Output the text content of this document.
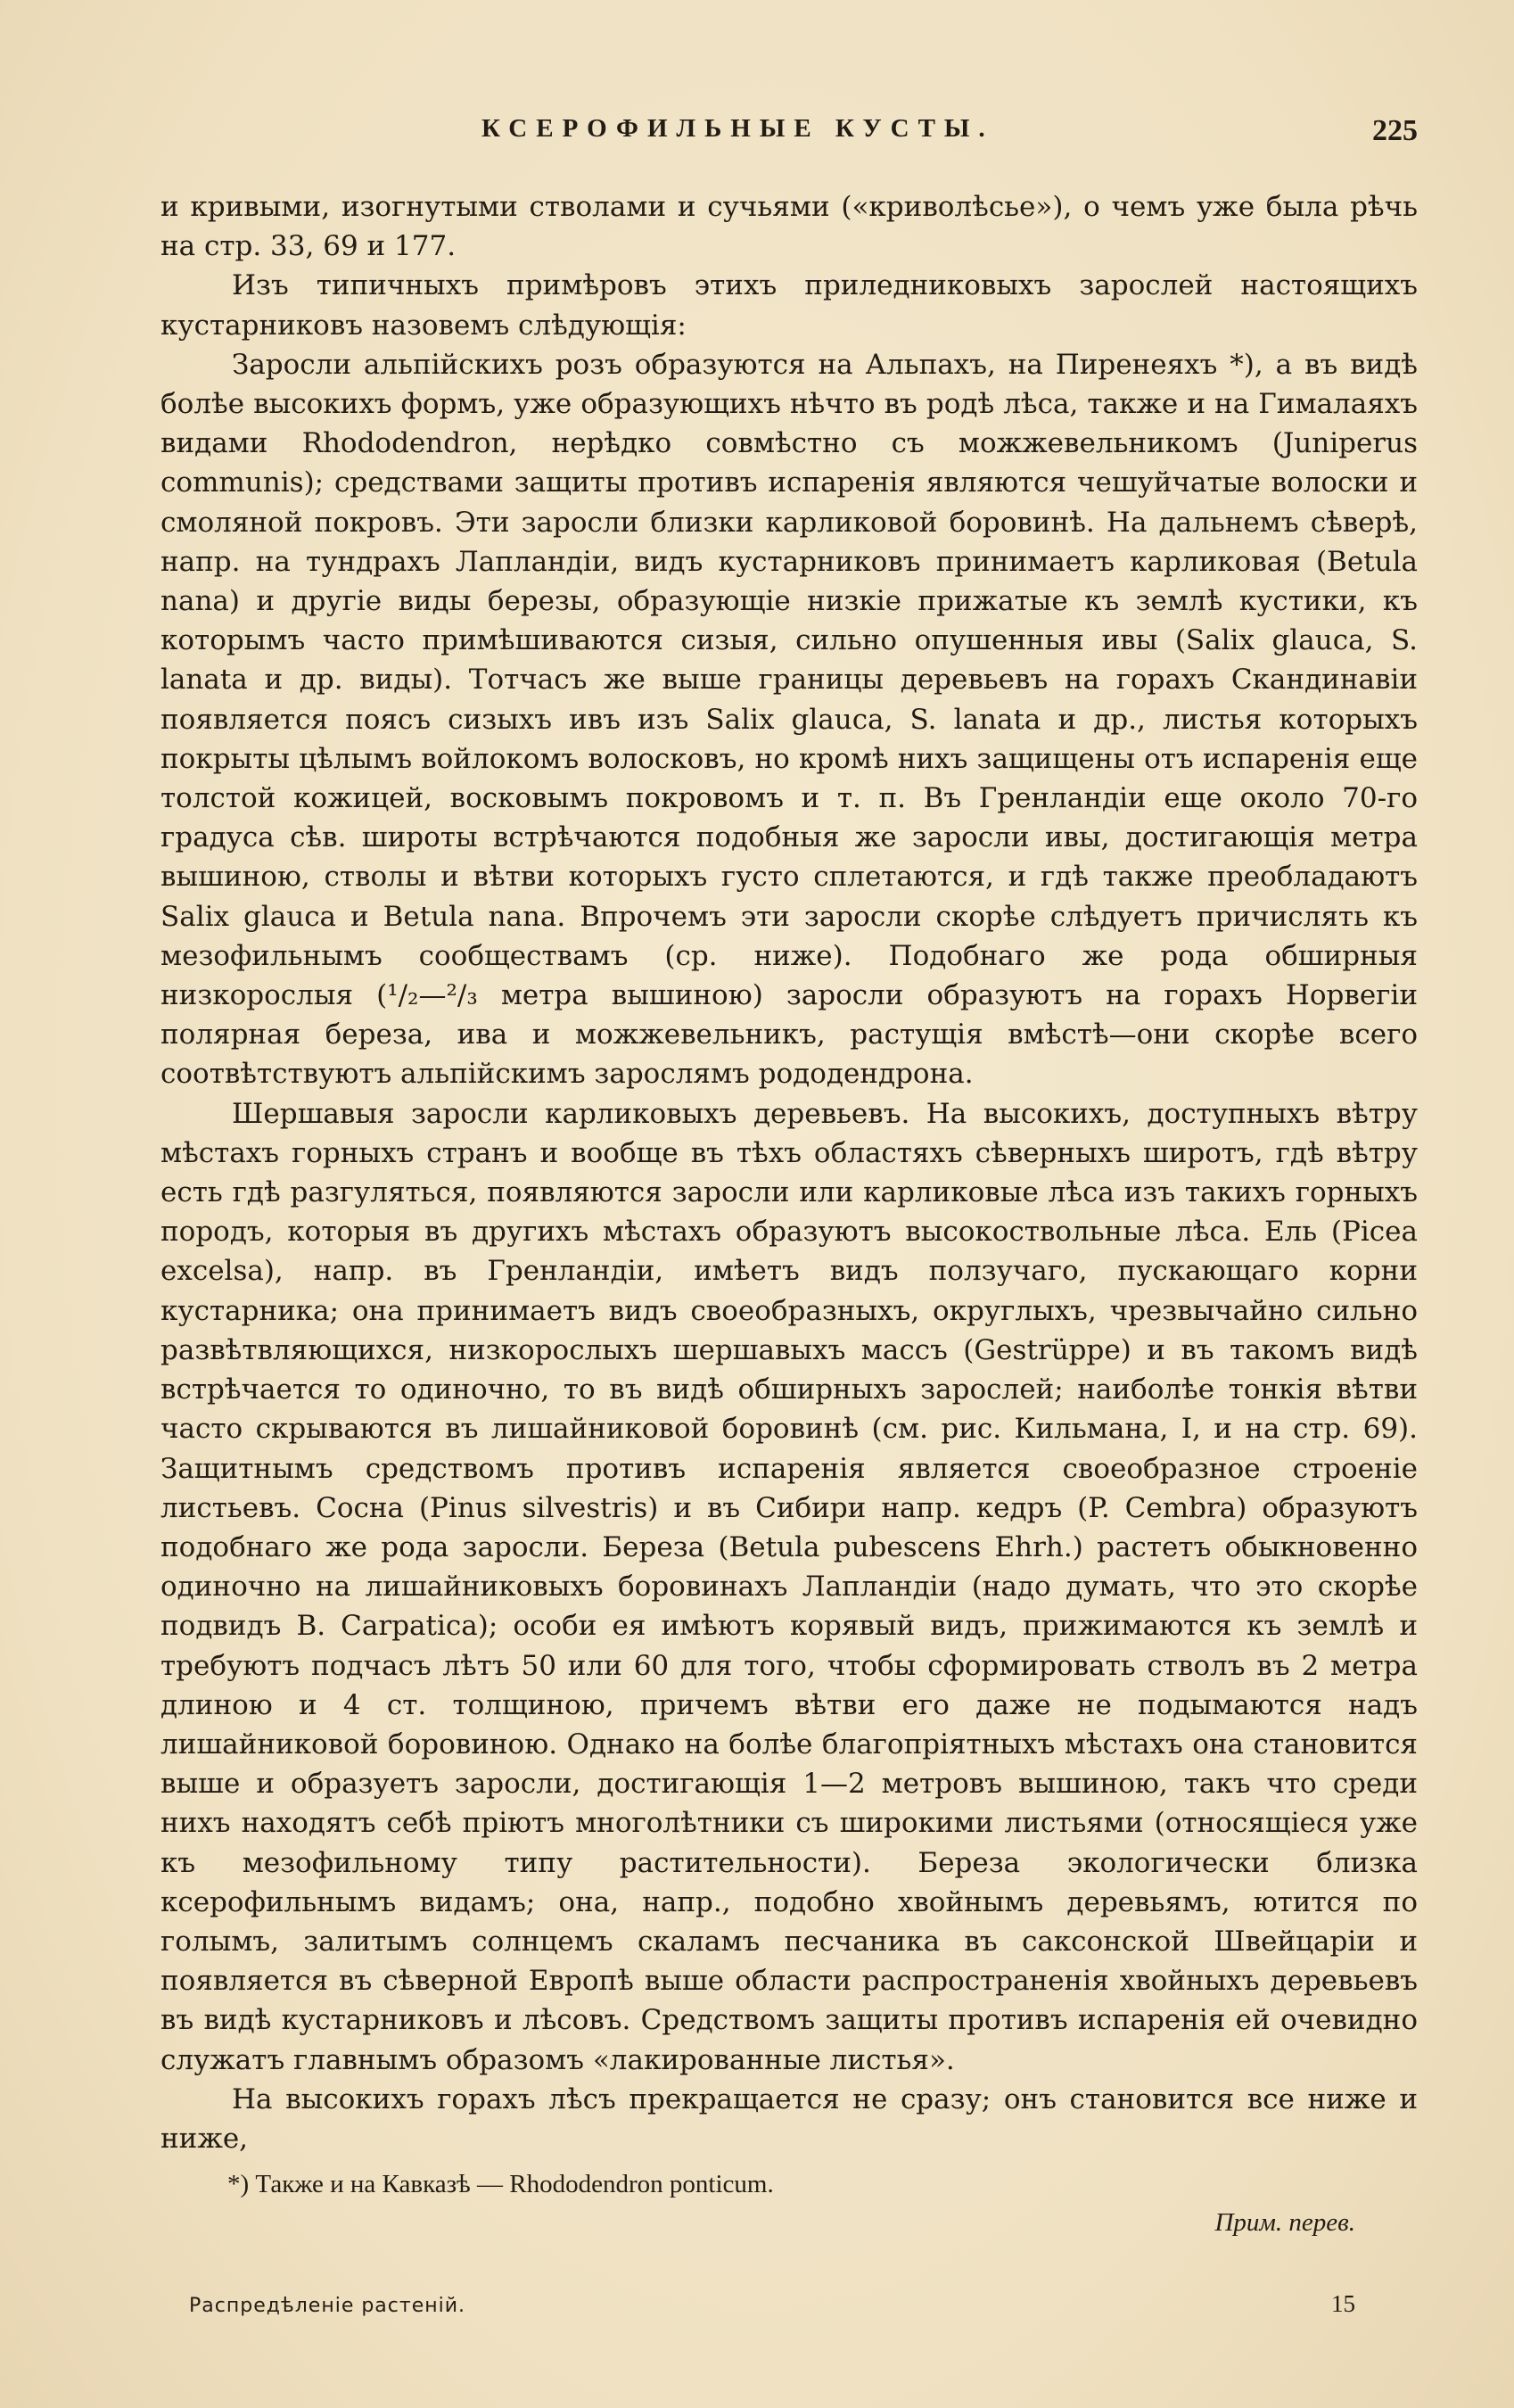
КСЕРОФИЛЬНЫЕ КУСТЫ.	225

и кривыми, изогнутыми стволами и сучьями («криволѣсье»), о чемъ уже была рѣчь на стр. 33, 69 и 177.

Изъ типичныхъ примѣровъ этихъ приледниковыхъ зарослей настоящихъ кустарниковъ назовемъ слѣдующія:

Заросли альпійскихъ розъ образуются на Альпахъ, на Пиренеяхъ *), а въ видѣ болѣе высокихъ формъ, уже образующихъ нѣчто въ родѣ лѣса, также и на Гималаяхъ видами Rhododendron, нерѣдко совмѣстно съ можжевельникомъ (Juniperus communis); средствами защиты противъ испаренія являются чешуйчатые волоски и смоляной покровъ. Эти заросли близки карликовой боровинѣ. На дальнемъ сѣверѣ, напр. на тундрахъ Лапландіи, видъ кустарниковъ принимаетъ карликовая (Betula nana) и другіе виды березы, образующіе низкіе прижатые къ землѣ кустики, къ которымъ часто примѣшиваются сизыя, сильно опушенныя ивы (Salix glauca, S. lanata и др. виды). Тотчасъ же выше границы деревьевъ на горахъ Скандинавіи появляется поясъ сизыхъ ивъ изъ Salix glauca, S. lanata и др., листья которыхъ покрыты цѣлымъ войлокомъ волосковъ, но кромѣ нихъ защищены отъ испаренія еще толстой кожицей, восковымъ покровомъ и т. п. Въ Гренландіи еще около 70-го градуса сѣв. широты встрѣчаются подобныя же заросли ивы, достигающія метра вышиною, стволы и вѣтви которыхъ густо сплетаются, и гдѣ также преобладаютъ Salix glauca и Betula nana. Впрочемъ эти заросли скорѣе слѣдуетъ причислять къ мезофильнымъ сообществамъ (ср. ниже). Подобнаго же рода обширныя низкорослыя (¹/₂—²/₃ метра вышиною) заросли образуютъ на горахъ Норвегіи полярная береза, ива и можжевельникъ, растущія вмѣстѣ—они скорѣе всего соотвѣтствуютъ альпійскимъ зарослямъ рододендрона.

Шершавыя заросли карликовыхъ деревьевъ. На высокихъ, доступныхъ вѣтру мѣстахъ горныхъ странъ и вообще въ тѣхъ областяхъ сѣверныхъ широтъ, гдѣ вѣтру есть гдѣ разгуляться, появляются заросли или карликовые лѣса изъ такихъ горныхъ породъ, которыя въ другихъ мѣстахъ образуютъ высокоствольные лѣса. Ель (Picea excelsa), напр. въ Гренландіи, имѣетъ видъ ползучаго, пускающаго корни кустарника; она принимаетъ видъ своеобразныхъ, округлыхъ, чрезвычайно сильно развѣтвляющихся, низкорослыхъ шершавыхъ массъ (Gestrüppe) и въ такомъ видѣ встрѣчается то одиночно, то въ видѣ обширныхъ зарослей; наиболѣе тонкія вѣтви часто скрываются въ лишайниковой боровинѣ (см. рис. Кильмана, I, и на стр. 69). Защитнымъ средствомъ противъ испаренія является своеобразное строеніе листьевъ. Сосна (Pinus silvestris) и въ Сибири напр. кедръ (P. Cembra) образуютъ подобнаго же рода заросли. Береза (Betula pubescens Ehrh.) растетъ обыкновенно одиночно на лишайниковыхъ боровинахъ Лапландіи (надо думать, что это скорѣе подвидъ B. Carpatica); особи ея имѣютъ корявый видъ, прижимаются къ землѣ и требуютъ подчасъ лѣтъ 50 или 60 для того, чтобы сформировать стволъ въ 2 метра длиною и 4 ст. толщиною, причемъ вѣтви его даже не подымаются надъ лишайниковой боровиною. Однако на болѣе благопріятныхъ мѣстахъ она становится выше и образуетъ заросли, достигающія 1—2 метровъ вышиною, такъ что среди нихъ находятъ себѣ пріютъ многолѣтники съ широкими листьями (относящіеся уже къ мезофильному типу растительности). Береза экологически близка ксерофильнымъ видамъ; она, напр., подобно хвойнымъ деревьямъ, ютится по голымъ, залитымъ солнцемъ скаламъ песчаника въ саксонской Швейцаріи и появляется въ сѣверной Европѣ выше области распространенія хвойныхъ деревьевъ въ видѣ кустарниковъ и лѣсовъ. Средствомъ защиты противъ испаренія ей очевидно служатъ главнымъ образомъ «лакированные листья».

На высокихъ горахъ лѣсъ прекращается не сразу; онъ становится все ниже и ниже,

*) Также и на Кавказѣ — Rhododendron ponticum.
Прим. перев.
Распредѣленіе растеній.	15
